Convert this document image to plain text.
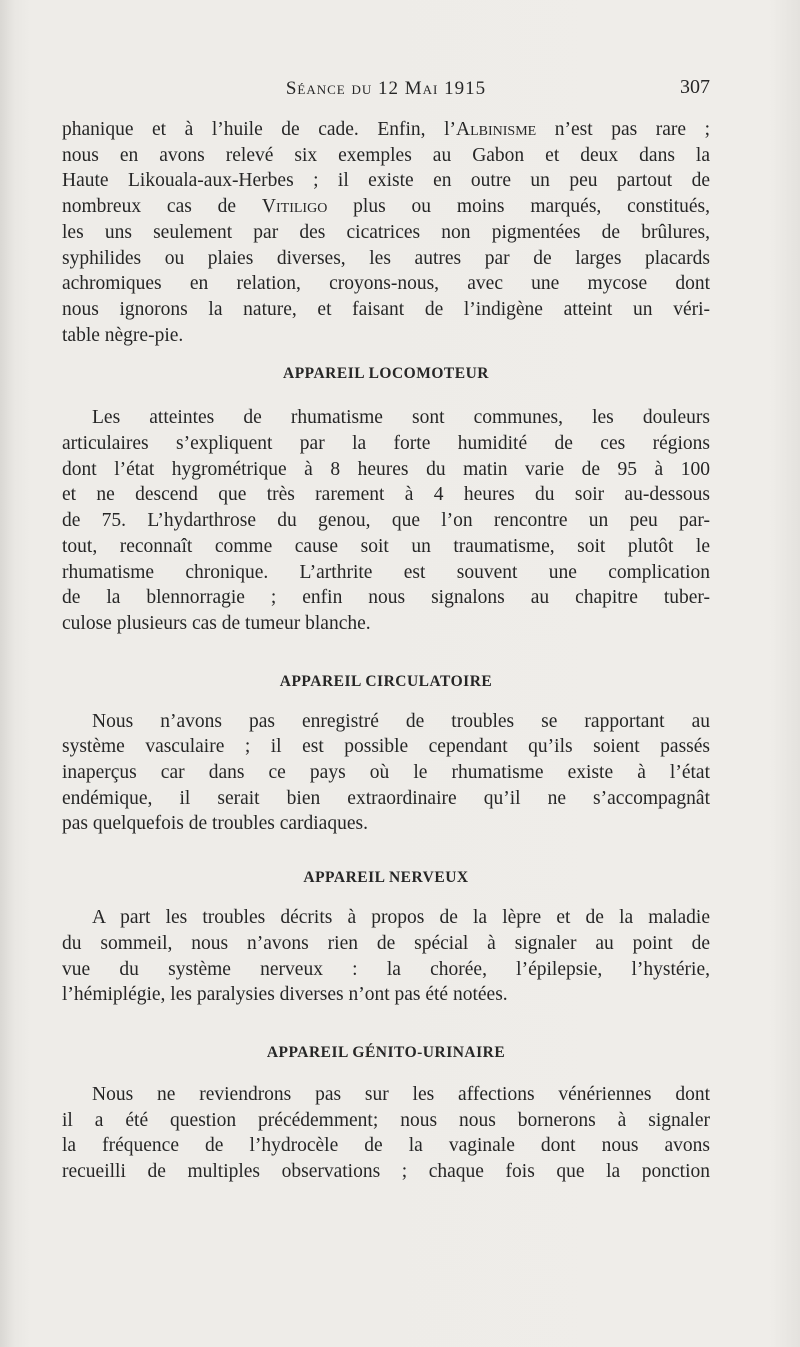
Séance du 12 Mai 1915	307

phanique et à l’huile de cade. Enfin, l’Albinisme n’est pas rare ;
nous en avons relevé six exemples au Gabon et deux dans la
Haute Likouala-aux-Herbes ; il existe en outre un peu partout de
nombreux cas de Vitiligo plus ou moins marqués, constitués,
les uns seulement par des cicatrices non pigmentées de brûlures,
syphilides ou plaies diverses, les autres par de larges placards
achromiques en relation, croyons-nous, avec une mycose dont
nous ignorons la nature, et faisant de l’indigène atteint un véri-
table nègre-pie.

APPAREIL LOCOMOTEUR

Les atteintes de rhumatisme sont communes, les douleurs
articulaires s’expliquent par la forte humidité de ces régions
dont l’état hygrométrique à 8 heures du matin varie de 95 à 100
et ne descend que très rarement à 4 heures du soir au-dessous
de 75. L’hydarthrose du genou, que l’on rencontre un peu par-
tout, reconnaît comme cause soit un traumatisme, soit plutôt le
rhumatisme chronique. L’arthrite est souvent une complication
de la blennorragie ; enfin nous signalons au chapitre tuber-
culose plusieurs cas de tumeur blanche.

APPAREIL CIRCULATOIRE

Nous n’avons pas enregistré de troubles se rapportant au
système vasculaire ; il est possible cependant qu’ils soient passés
inaperçus car dans ce pays où le rhumatisme existe à l’état
endémique, il serait bien extraordinaire qu’il ne s’accompagnât
pas quelquefois de troubles cardiaques.

APPAREIL NERVEUX

A part les troubles décrits à propos de la lèpre et de la maladie
du sommeil, nous n’avons rien de spécial à signaler au point de
vue du système nerveux : la chorée, l’épilepsie, l’hystérie,
l’hémiplégie, les paralysies diverses n’ont pas été notées.

APPAREIL GÉNITO-URINAIRE

Nous ne reviendrons pas sur les affections vénériennes dont
il a été question précédemment; nous nous bornerons à signaler
la fréquence de l’hydrocèle de la vaginale dont nous avons
recueilli de multiples observations ; chaque fois que la ponction
